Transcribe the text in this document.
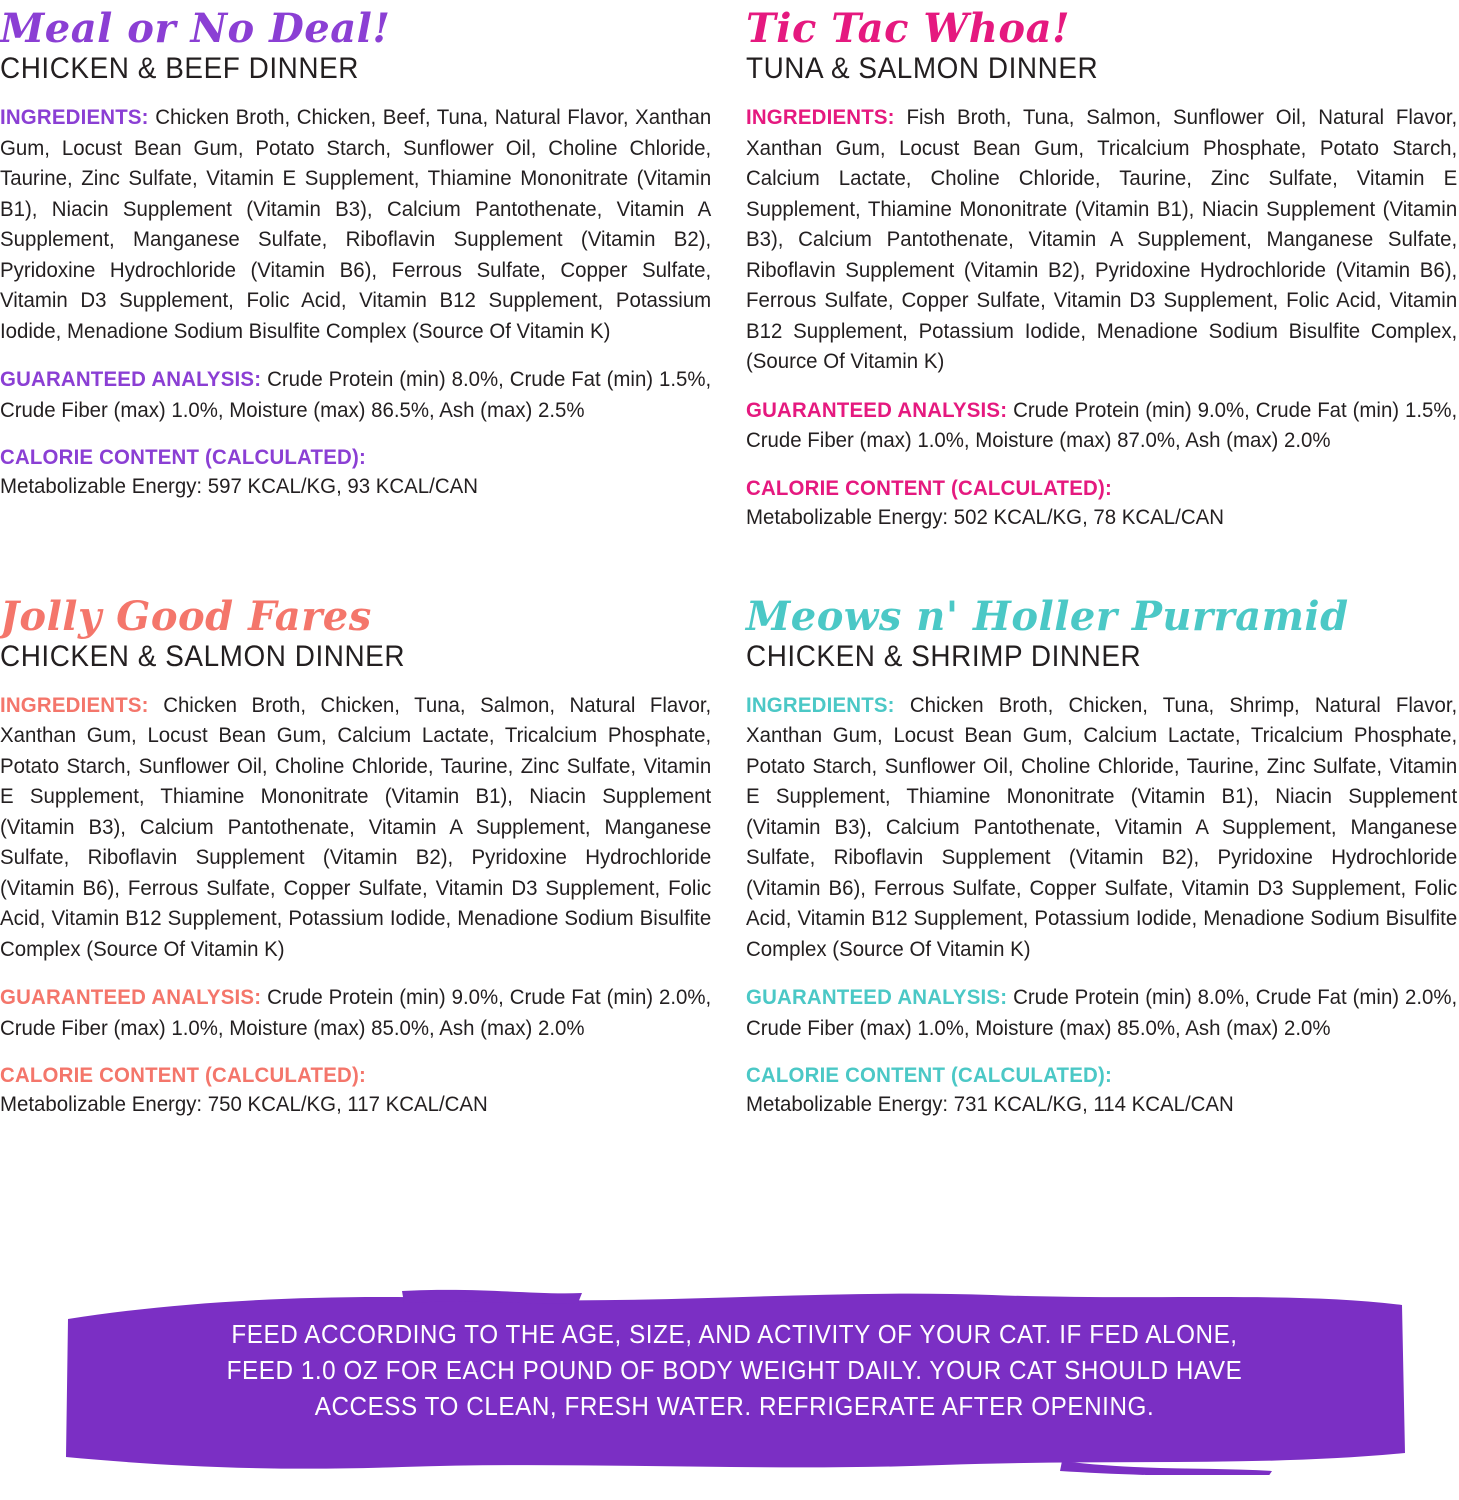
Meal or No Deal!
CHICKEN & BEEF DINNER

INGREDIENTS: Chicken Broth, Chicken, Beef, Tuna, Natural Flavor, Xanthan Gum, Locust Bean Gum, Potato Starch, Sunflower Oil, Choline Chloride, Taurine, Zinc Sulfate, Vitamin E Supplement, Thiamine Mononitrate (Vitamin B1), Niacin Supplement (Vitamin B3), Calcium Pantothenate, Vitamin A Supplement, Manganese Sulfate, Riboflavin Supplement (Vitamin B2), Pyridoxine Hydrochloride (Vitamin B6), Ferrous Sulfate, Copper Sulfate, Vitamin D3 Supplement, Folic Acid, Vitamin B12 Supplement, Potassium Iodide, Menadione Sodium Bisulfite Complex (Source Of Vitamin K)

GUARANTEED ANALYSIS: Crude Protein (min) 8.0%, Crude Fat (min) 1.5%, Crude Fiber (max) 1.0%, Moisture (max) 86.5%, Ash (max) 2.5%

CALORIE CONTENT (CALCULATED):
Metabolizable Energy: 597 KCAL/KG, 93 KCAL/CAN
Tic Tac Whoa!
TUNA & SALMON DINNER

INGREDIENTS: Fish Broth, Tuna, Salmon, Sunflower Oil, Natural Flavor, Xanthan Gum, Locust Bean Gum, Tricalcium Phosphate, Potato Starch, Calcium Lactate, Choline Chloride, Taurine, Zinc Sulfate, Vitamin E Supplement, Thiamine Mononitrate (Vitamin B1), Niacin Supplement (Vitamin B3), Calcium Pantothenate, Vitamin A Supplement, Manganese Sulfate, Riboflavin Supplement (Vitamin B2), Pyridoxine Hydrochloride (Vitamin B6), Ferrous Sulfate, Copper Sulfate, Vitamin D3 Supplement, Folic Acid, Vitamin B12 Supplement, Potassium Iodide, Menadione Sodium Bisulfite Complex, (Source Of Vitamin K)

GUARANTEED ANALYSIS: Crude Protein (min) 9.0%, Crude Fat (min) 1.5%, Crude Fiber (max) 1.0%, Moisture (max) 87.0%, Ash (max) 2.0%

CALORIE CONTENT (CALCULATED):
Metabolizable Energy: 502 KCAL/KG, 78 KCAL/CAN
Jolly Good Fares
CHICKEN & SALMON DINNER

INGREDIENTS: Chicken Broth, Chicken, Tuna, Salmon, Natural Flavor, Xanthan Gum, Locust Bean Gum, Calcium Lactate, Tricalcium Phosphate, Potato Starch, Sunflower Oil, Choline Chloride, Taurine, Zinc Sulfate, Vitamin E Supplement, Thiamine Mononitrate (Vitamin B1), Niacin Supplement (Vitamin B3), Calcium Pantothenate, Vitamin A Supplement, Manganese Sulfate, Riboflavin Supplement (Vitamin B2), Pyridoxine Hydrochloride (Vitamin B6), Ferrous Sulfate, Copper Sulfate, Vitamin D3 Supplement, Folic Acid, Vitamin B12 Supplement, Potassium Iodide, Menadione Sodium Bisulfite Complex (Source Of Vitamin K)

GUARANTEED ANALYSIS: Crude Protein (min) 9.0%, Crude Fat (min) 2.0%, Crude Fiber (max) 1.0%, Moisture (max) 85.0%, Ash (max) 2.0%

CALORIE CONTENT (CALCULATED):
Metabolizable Energy: 750 KCAL/KG, 117 KCAL/CAN
Meows n' Holler Purramid
CHICKEN & SHRIMP DINNER

INGREDIENTS: Chicken Broth, Chicken, Tuna, Shrimp, Natural Flavor, Xanthan Gum, Locust Bean Gum, Calcium Lactate, Tricalcium Phosphate, Potato Starch, Sunflower Oil, Choline Chloride, Taurine, Zinc Sulfate, Vitamin E Supplement, Thiamine Mononitrate (Vitamin B1), Niacin Supplement (Vitamin B3), Calcium Pantothenate, Vitamin A Supplement, Manganese Sulfate, Riboflavin Supplement (Vitamin B2), Pyridoxine Hydrochloride (Vitamin B6), Ferrous Sulfate, Copper Sulfate, Vitamin D3 Supplement, Folic Acid, Vitamin B12 Supplement, Potassium Iodide, Menadione Sodium Bisulfite Complex (Source Of Vitamin K)

GUARANTEED ANALYSIS: Crude Protein (min) 8.0%, Crude Fat (min) 2.0%, Crude Fiber (max) 1.0%, Moisture (max) 85.0%, Ash (max) 2.0%

CALORIE CONTENT (CALCULATED):
Metabolizable Energy: 731 KCAL/KG, 114 KCAL/CAN
FEED ACCORDING TO THE AGE, SIZE, AND ACTIVITY OF YOUR CAT. IF FED ALONE,
FEED 1.0 OZ FOR EACH POUND OF BODY WEIGHT DAILY. YOUR CAT SHOULD HAVE
ACCESS TO CLEAN, FRESH WATER. REFRIGERATE AFTER OPENING.
